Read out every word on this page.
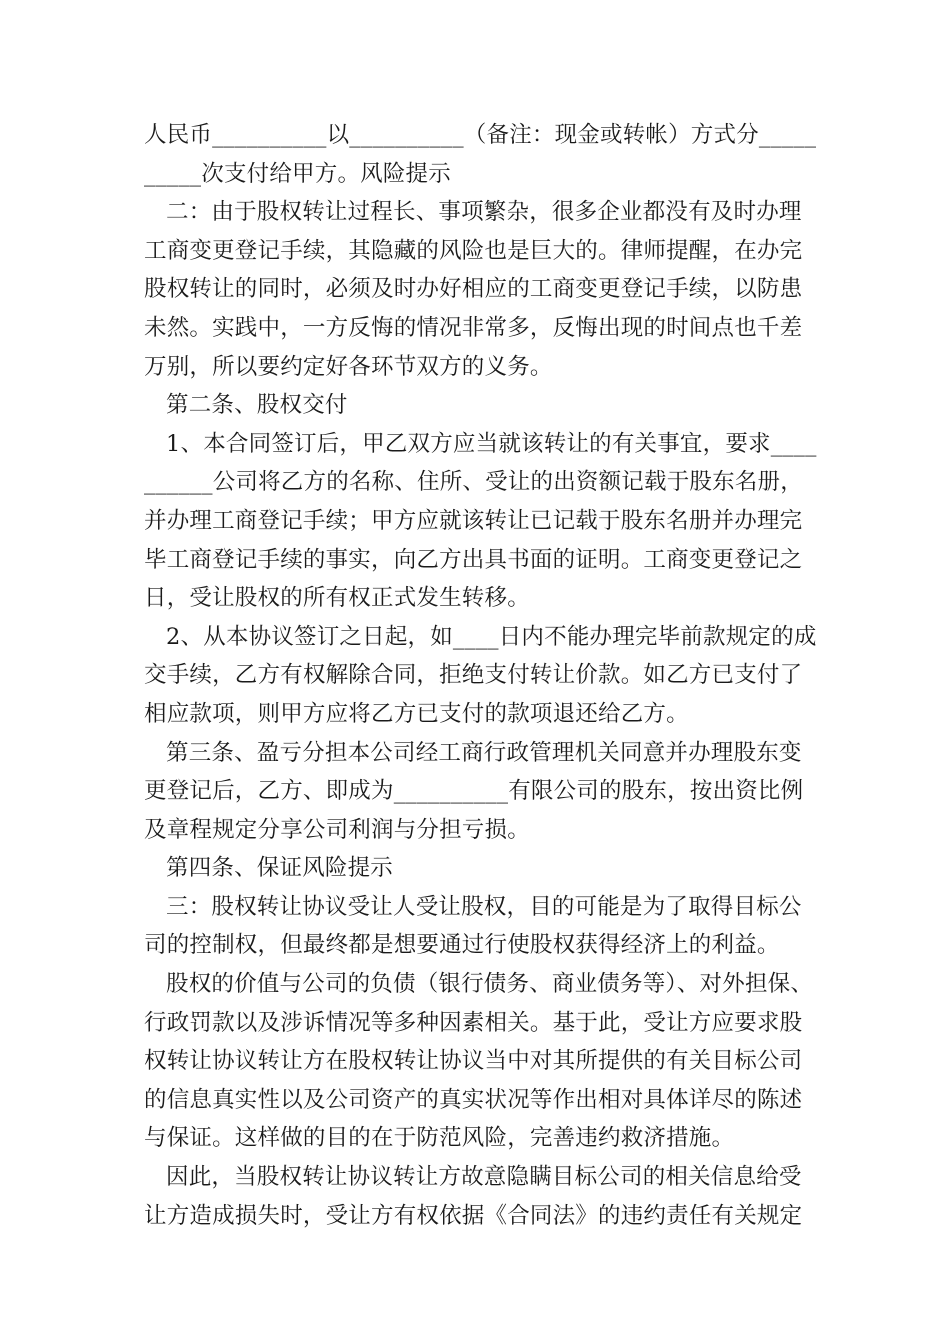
人民币__________以__________（备注：现金或转帐）方式分_____
_____次支付给甲方。风险提示
二：由于股权转让过程长、事项繁杂，很多企业都没有及时办理
工商变更登记手续，其隐藏的风险也是巨大的。律师提醒，在办完
股权转让的同时，必须及时办好相应的工商变更登记手续，以防患
未然。实践中，一方反悔的情况非常多，反悔出现的时间点也千差
万别，所以要约定好各环节双方的义务。
第二条、股权交付
1、本合同签订后，甲乙双方应当就该转让的有关事宜，要求____
______公司将乙方的名称、住所、受让的出资额记载于股东名册，
并办理工商登记手续；甲方应就该转让已记载于股东名册并办理完
毕工商登记手续的事实，向乙方出具书面的证明。工商变更登记之
日，受让股权的所有权正式发生转移。
2、从本协议签订之日起，如____日内不能办理完毕前款规定的成
交手续，乙方有权解除合同，拒绝支付转让价款。如乙方已支付了
相应款项，则甲方应将乙方已支付的款项退还给乙方。
第三条、盈亏分担本公司经工商行政管理机关同意并办理股东变
更登记后，乙方、即成为__________有限公司的股东，按出资比例
及章程规定分享公司利润与分担亏损。
第四条、保证风险提示
三：股权转让协议受让人受让股权，目的可能是为了取得目标公
司的控制权，但最终都是想要通过行使股权获得经济上的利益。
股权的价值与公司的负债（银行债务、商业债务等）、对外担保、
行政罚款以及涉诉情况等多种因素相关。基于此，受让方应要求股
权转让协议转让方在股权转让协议当中对其所提供的有关目标公司
的信息真实性以及公司资产的真实状况等作出相对具体详尽的陈述
与保证。这样做的目的在于防范风险，完善违约救济措施。
因此，当股权转让协议转让方故意隐瞒目标公司的相关信息给受
让方造成损失时，受让方有权依据《合同法》的违约责任有关规定
